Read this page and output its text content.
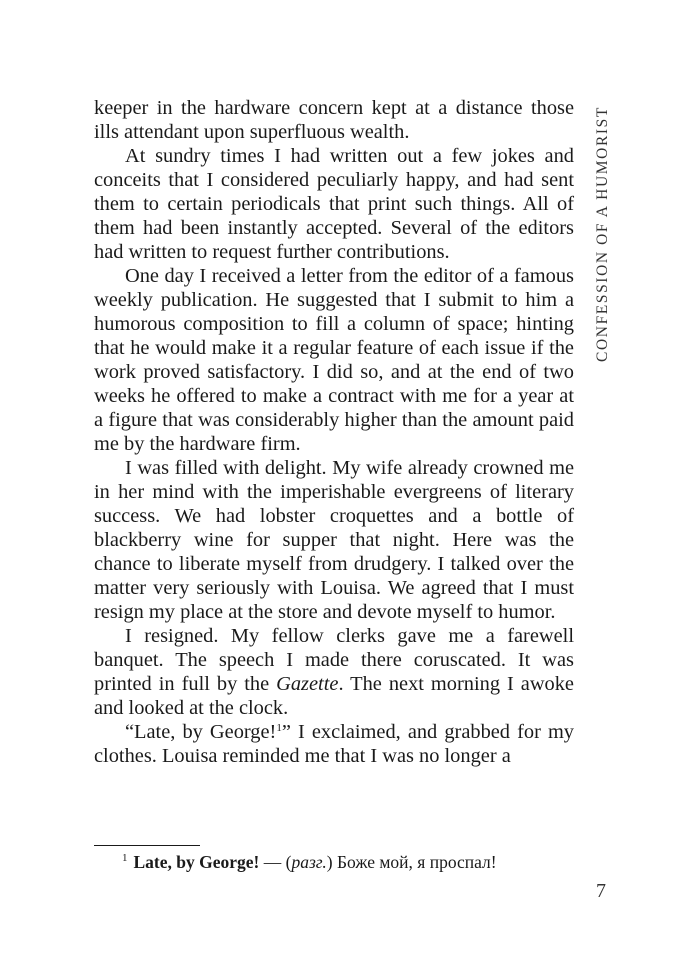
CONFESSION OF A HUMORIST

keeper in the hardware concern kept at a distance those ills attendant upon superfluous wealth.

At sundry times I had written out a few jokes and conceits that I considered peculiarly happy, and had sent them to certain periodicals that print such things. All of them had been instantly accepted. Several of the editors had written to request further contributions.

One day I received a letter from the editor of a famous weekly publication. He suggested that I submit to him a humorous composition to fill a column of space; hinting that he would make it a regular feature of each issue if the work proved satisfactory. I did so, and at the end of two weeks he offered to make a contract with me for a year at a figure that was considerably higher than the amount paid me by the hardware firm.

I was filled with delight. My wife already crowned me in her mind with the imperishable evergreens of literary success. We had lobster croquettes and a bottle of blackberry wine for supper that night. Here was the chance to liberate myself from drudgery. I talked over the matter very seriously with Louisa. We agreed that I must resign my place at the store and devote myself to humor.

I resigned. My fellow clerks gave me a farewell banquet. The speech I made there coruscated. It was printed in full by the Gazette. The next morning I awoke and looked at the clock.

“Late, by George!$^1$” I exclaimed, and grabbed for my clothes. Louisa reminded me that I was no longer a

$^1$ Late, by George! — (разг.) Боже мой, я проспал!
7
